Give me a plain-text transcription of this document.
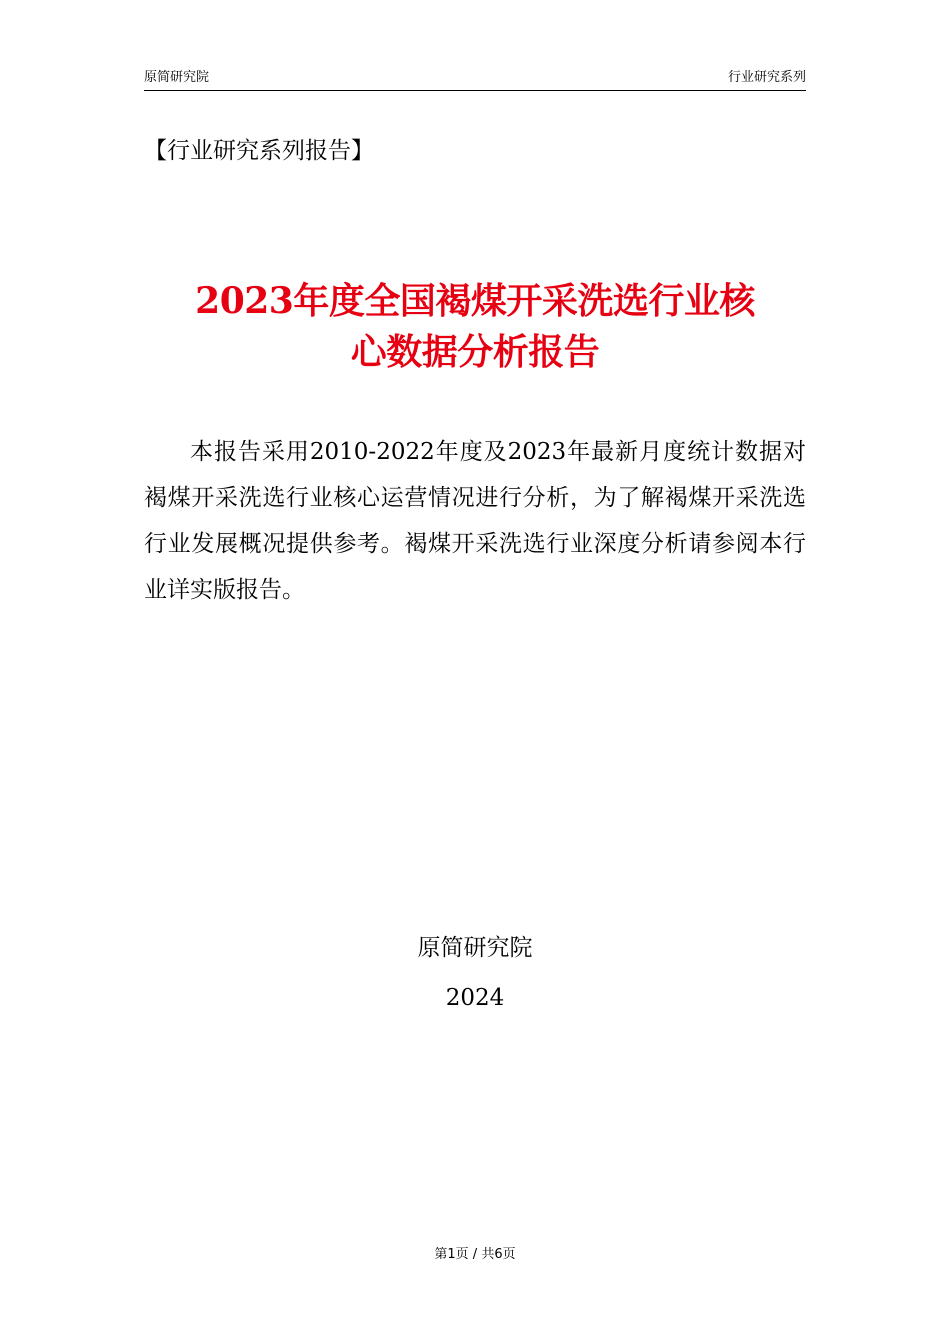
原简研究院	行业研究系列
【行业研究系列报告】
2023年度全国褐煤开采洗选行业核
心数据分析报告

本报告采用2010-2022年度及2023年最新月度统计数据对褐煤开采洗选行业核心运营情况进行分析，为了解褐煤开采洗选行业发展概况提供参考。褐煤开采洗选行业深度分析请参阅本行业详实版报告。

原简研究院
2024
第1页 / 共6页
